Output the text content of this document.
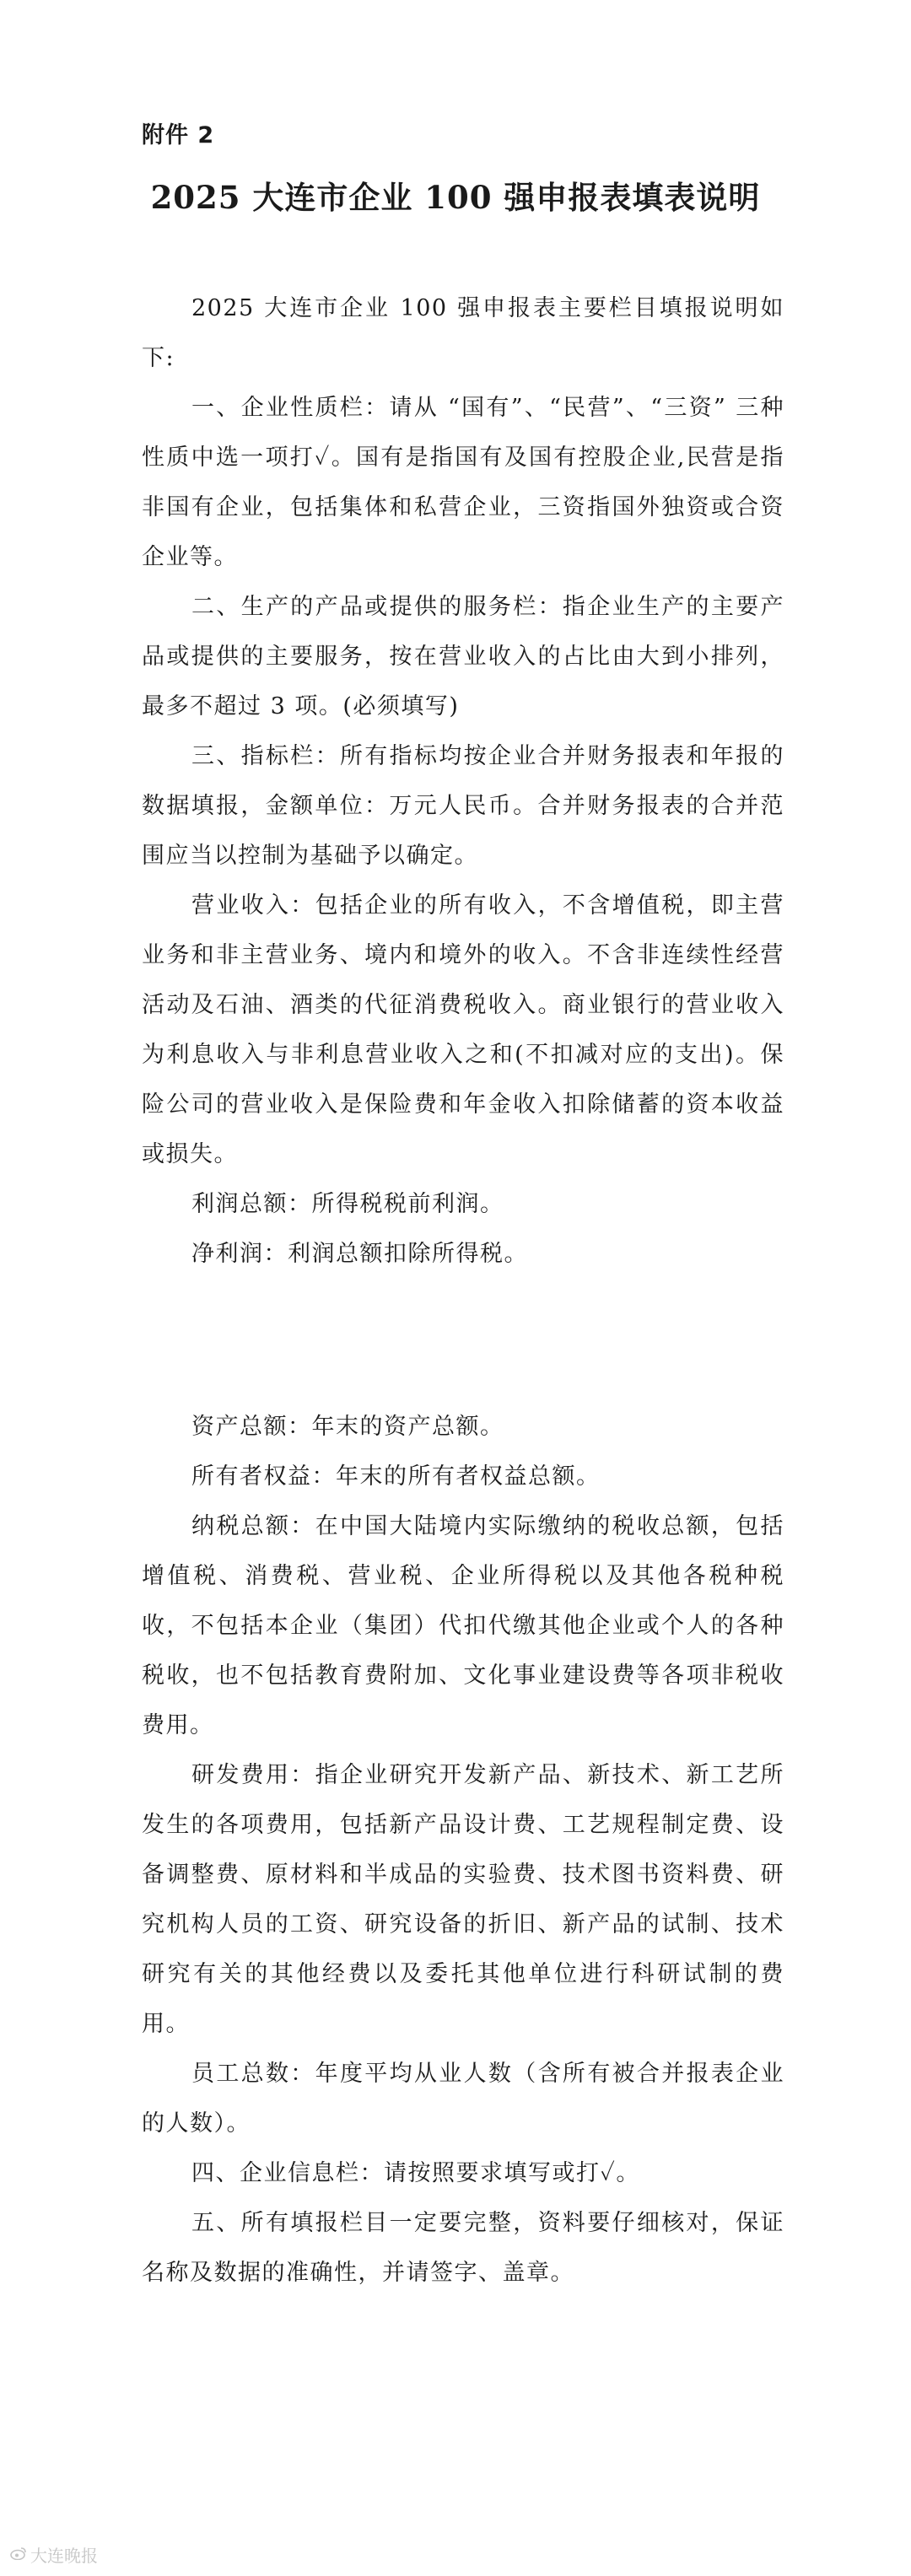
附件 2
2025 大连市企业 100 强申报表填表说明

2025 大连市企业 100 强申报表主要栏目填报说明如下:

一、企业性质栏：请从 “国有”、“民营”、“三资” 三种性质中选一项打✓。国有是指国有及国有控股企业,民营是指非国有企业，包括集体和私营企业，三资指国外独资或合资企业等。

二、生产的产品或提供的服务栏：指企业生产的主要产品或提供的主要服务，按在营业收入的占比由大到小排列，最多不超过 3 项。(必须填写)

三、指标栏：所有指标均按企业合并财务报表和年报的数据填报，金额单位：万元人民币。合并财务报表的合并范围应当以控制为基础予以确定。

营业收入：包括企业的所有收入，不含增值税，即主营业务和非主营业务、境内和境外的收入。不含非连续性经营活动及石油、酒类的代征消费税收入。商业银行的营业收入为利息收入与非利息营业收入之和(不扣减对应的支出)。保险公司的营业收入是保险费和年金收入扣除储蓄的资本收益或损失。

利润总额：所得税税前利润。

净利润：利润总额扣除所得税。

资产总额：年末的资产总额。

所有者权益：年末的所有者权益总额。

纳税总额：在中国大陆境内实际缴纳的税收总额，包括增值税、消费税、营业税、企业所得税以及其他各税种税收，不包括本企业（集团）代扣代缴其他企业或个人的各种税收，也不包括教育费附加、文化事业建设费等各项非税收费用。

研发费用：指企业研究开发新产品、新技术、新工艺所发生的各项费用，包括新产品设计费、工艺规程制定费、设备调整费、原材料和半成品的实验费、技术图书资料费、研究机构人员的工资、研究设备的折旧、新产品的试制、技术研究有关的其他经费以及委托其他单位进行科研试制的费用。

员工总数：年度平均从业人数（含所有被合并报表企业的人数）。

四、企业信息栏：请按照要求填写或打✓。

五、所有填报栏目一定要完整，资料要仔细核对，保证名称及数据的准确性，并请签字、盖章。

大连晚报
